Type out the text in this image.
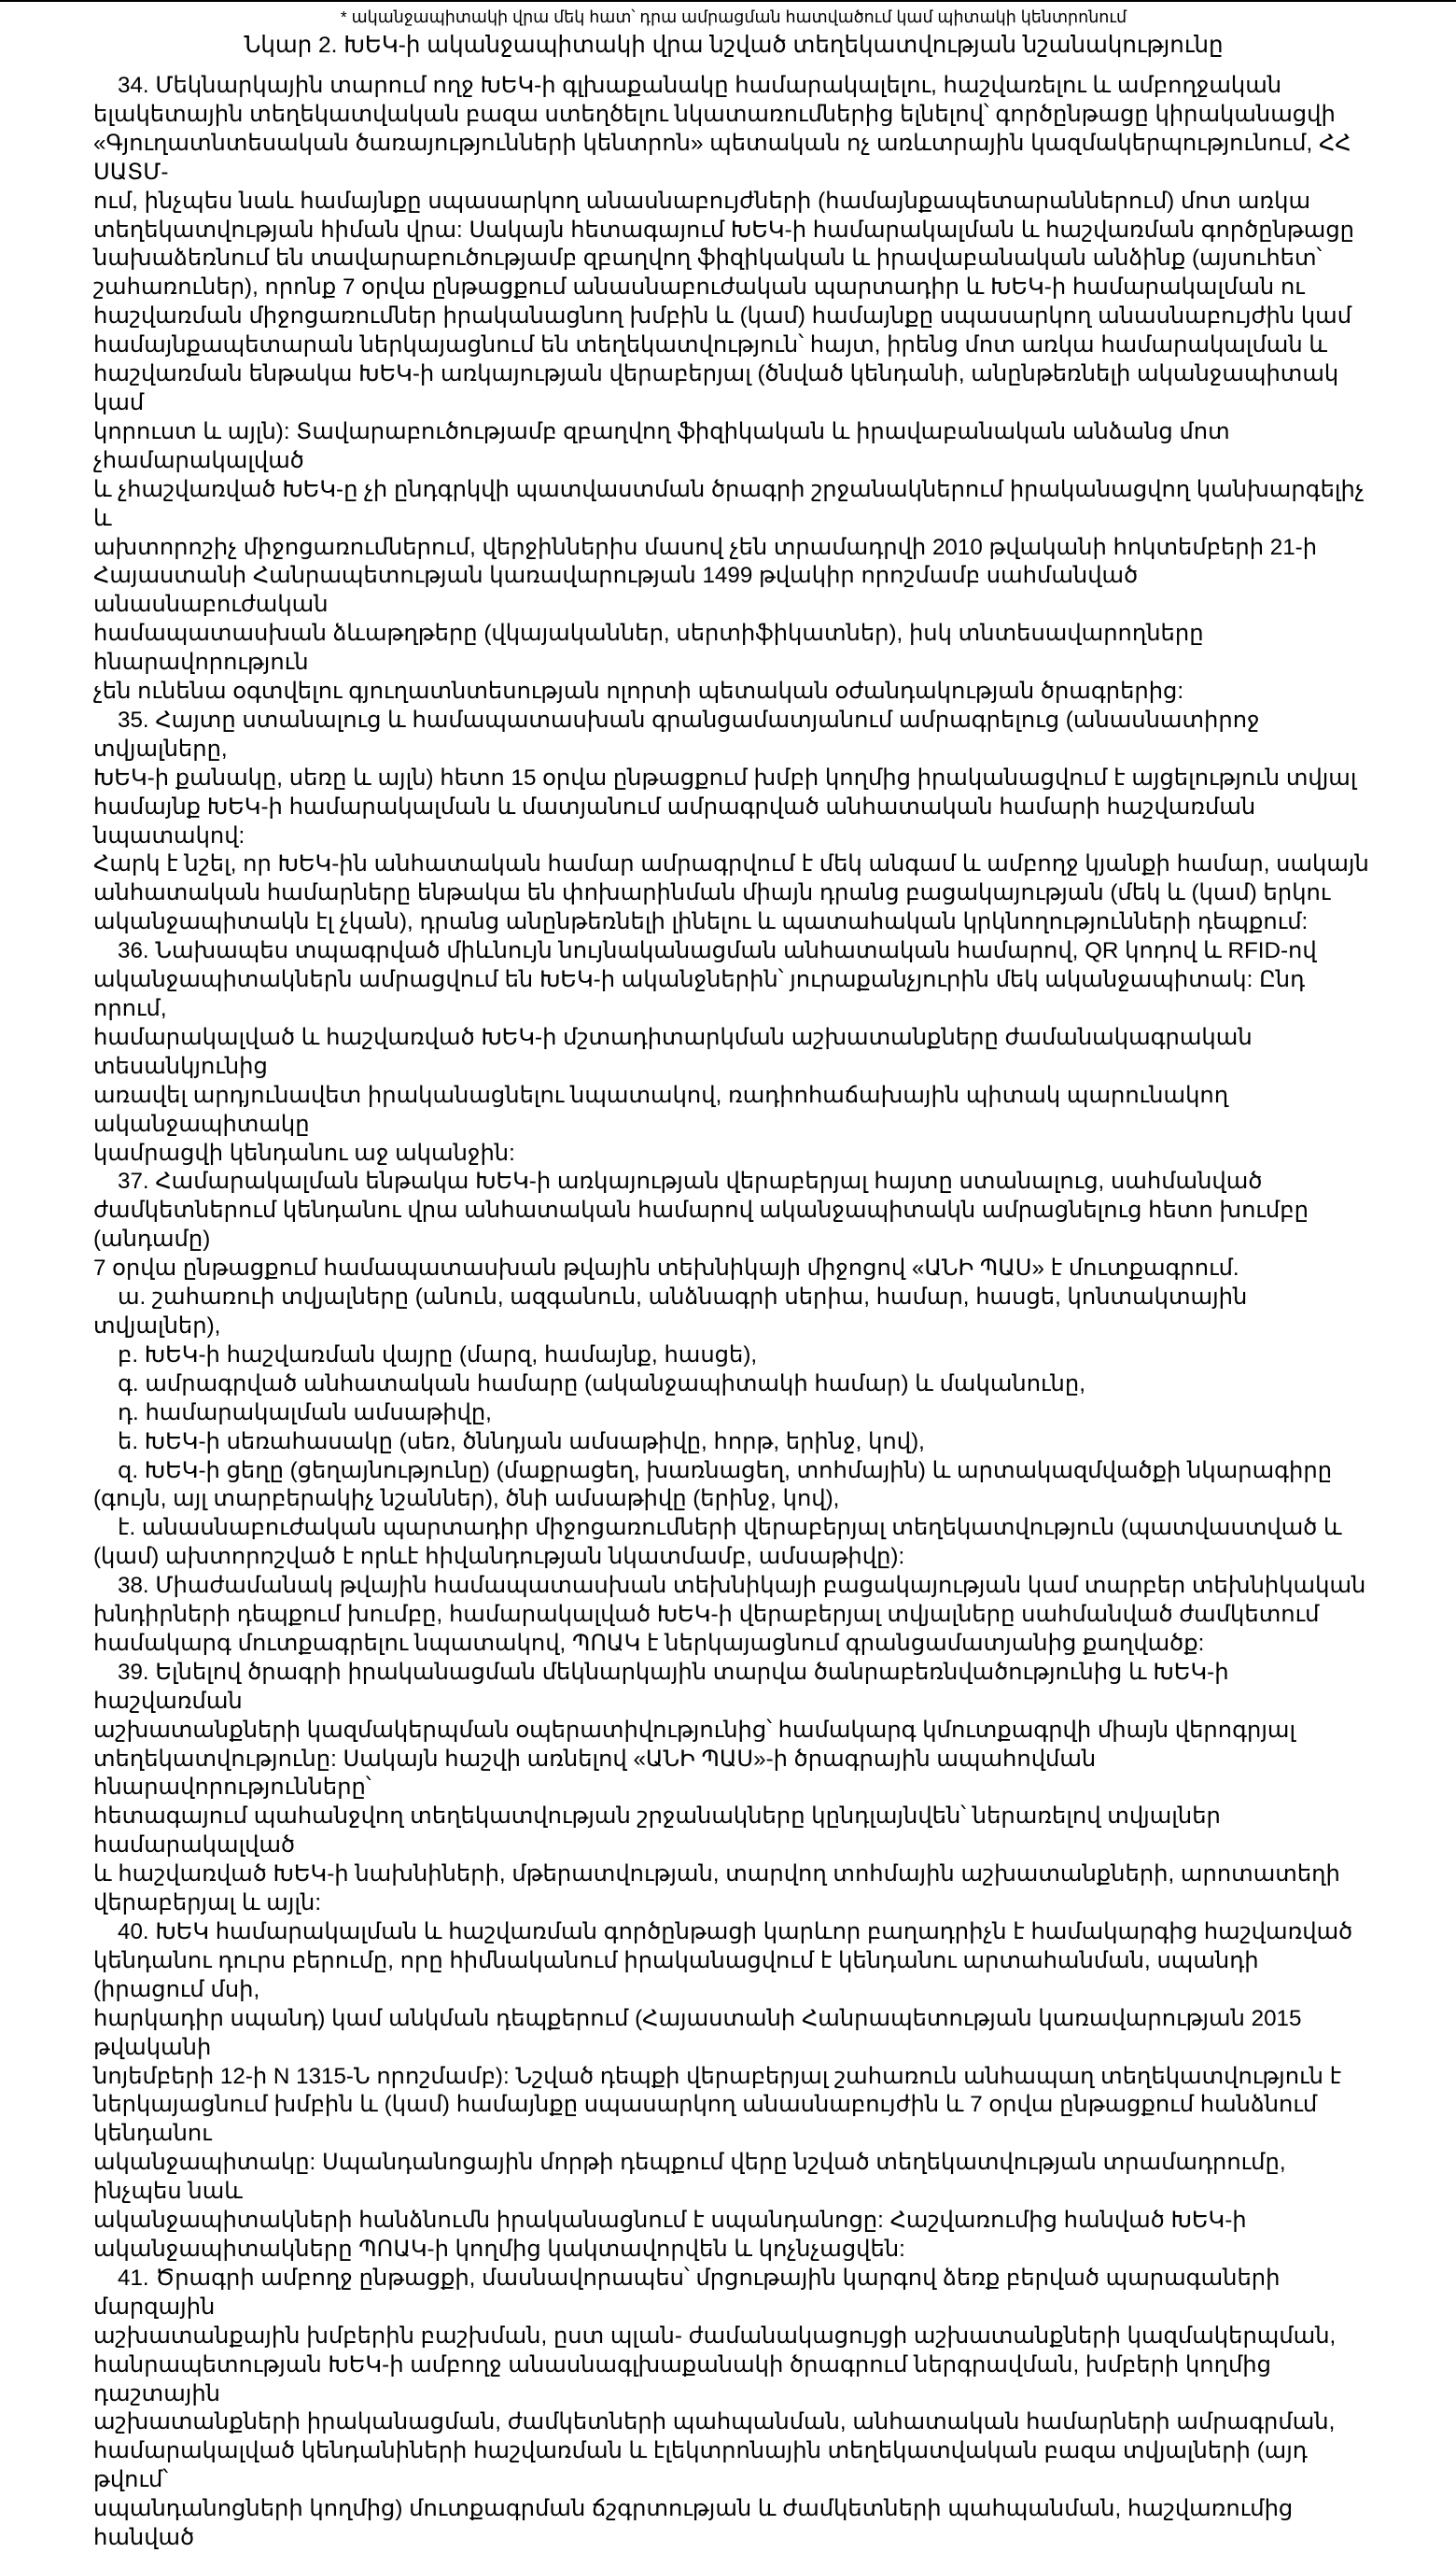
* ականջապիտակի վրա մեկ հատ՝ դրա ամրացման հատվածում կամ պիտակի կենտրոնում

Նկար 2. ԽԵԿ-ի ականջապիտակի վրա նշված տեղեկատվության նշանակությունը

34. Մեկնարկային տարում ողջ ԽԵԿ-ի գլխաքանակը համարակալելու, հաշվառելու և ամբողջական
ելակետային տեղեկատվական բազա ստեղծելու նկատառումներից ելնելով՝ գործընթացը կիրականացվի
«Գյուղատնտեսական ծառայությունների կենտրոն» պետական ոչ առևտրային կազմակերպությունում, ՀՀ ՍԱՏՄ-
ում, ինչպես նաև համայնքը սպասարկող անասնաբույժների (համայնքապետարաններում) մոտ առկա
տեղեկատվության հիման վրա: Սակայն հետագայում ԽԵԿ-ի համարակալման և հաշվառման գործընթացը
նախաձեռնում են տավարաբուծությամբ զբաղվող ֆիզիկական և իրավաբանական անձինք (այսուհետ՝
շահառուներ), որոնք 7 օրվա ընթացքում անասնաբուժական պարտադիր և ԽԵԿ-ի համարակալման ու
հաշվառման միջոցառումներ իրականացնող խմբին և (կամ) համայնքը սպասարկող անասնաբույժին կամ
համայնքապետարան ներկայացնում են տեղեկատվություն՝ հայտ, իրենց մոտ առկա համարակալման և
հաշվառման ենթակա ԽԵԿ-ի առկայության վերաբերյալ (ծնված կենդանի, անընթեռնելի ականջապիտակ կամ
կորուստ և այլն): Տավարաբուծությամբ զբաղվող ֆիզիկական և իրավաբանական անձանց մոտ չհամարակալված
և չհաշվառված ԽԵԿ-ը չի ընդգրկվի պատվաստման ծրագրի շրջանակներում իրականացվող կանխարգելիչ և
ախտորոշիչ միջոցառումներում, վերջիններիս մասով չեն տրամադրվի 2010 թվականի հոկտեմբերի 21-ի
Հայաստանի Հանրապետության կառավարության 1499 թվակիր որոշմամբ սահմանված անասնաբուժական
համապատասխան ձևաթղթերը (վկայականներ, սերտիֆիկատներ), իսկ տնտեսավարողները հնարավորություն
չեն ունենա օգտվելու գյուղատնտեսության ոլորտի պետական օժանդակության ծրագրերից:

35. Հայտը ստանալուց և համապատասխան գրանցամատյանում ամրագրելուց (անասնատիրոջ տվյալները,
ԽԵԿ-ի քանակը, սեռը և այլն) հետո 15 օրվա ընթացքում խմբի կողմից իրականացվում է այցելություն տվյալ
համայնք ԽԵԿ-ի համարակալման և մատյանում ամրագրված անհատական համարի հաշվառման նպատակով:
Հարկ է նշել, որ ԽԵԿ-ին անհատական համար ամրագրվում է մեկ անգամ և ամբողջ կյանքի համար, սակայն
անհատական համարները ենթակա են փոխարինման միայն դրանց բացակայության (մեկ և (կամ) երկու
ականջապիտակն էլ չկան), դրանց անընթեռնելի լինելու և պատահական կրկնողությունների դեպքում:

36. Նախապես տպագրված միևնույն նույնականացման անհատական համարով, QR կոդով և RFID-ով
ականջապիտակներն ամրացվում են ԽԵԿ-ի ականջներին՝ յուրաքանչյուրին մեկ ականջապիտակ: Ընդ որում,
համարակալված և հաշվառված ԽԵԿ-ի մշտադիտարկման աշխատանքները ժամանակագրական տեսանկյունից
առավել արդյունավետ իրականացնելու նպատակով, ռադիոհաճախային պիտակ պարունակող ականջապիտակը
կամրացվի կենդանու աջ ականջին:

37. Համարակալման ենթակա ԽԵԿ-ի առկայության վերաբերյալ հայտը ստանալուց, սահմանված
ժամկետներում կենդանու վրա անհատական համարով ականջապիտակն ամրացնելուց հետո խումբը (անդամը)
7 օրվա ընթացքում համապատասխան թվային տեխնիկայի միջոցով «ԱՆԻ ՊԱՍ» է մուտքագրում.

ա. շահառուի տվյալները (անուն, ազգանուն, անձնագրի սերիա, համար, հասցե, կոնտակտային տվյալներ),

բ. ԽԵԿ-ի հաշվառման վայրը (մարզ, համայնք, հասցե),

գ. ամրագրված անհատական համարը (ականջապիտակի համար) և մականունը,

դ. համարակալման ամսաթիվը,

ե. ԽԵԿ-ի սեռահասակը (սեռ, ծննդյան ամսաթիվը, հորթ, երինջ, կով),

զ. ԽԵԿ-ի ցեղը (ցեղայնությունը) (մաքրացեղ, խառնացեղ, տոհմային) և արտակազմվածքի նկարագիրը
(գույն, այլ տարբերակիչ նշաններ), ծնի ամսաթիվը (երինջ, կով),

է. անասնաբուժական պարտադիր միջոցառումների վերաբերյալ տեղեկատվություն (պատվաստված և
(կամ) ախտորոշված է որևէ հիվանդության նկատմամբ, ամսաթիվը):

38. Միաժամանակ թվային համապատասխան տեխնիկայի բացակայության կամ տարբեր տեխնիկական
խնդիրների դեպքում խումբը, համարակալված ԽԵԿ-ի վերաբերյալ տվյալները սահմանված ժամկետում
համակարգ մուտքագրելու նպատակով, ՊՈԱԿ է ներկայացնում գրանցամատյանից քաղվածք:

39. Ելնելով ծրագրի իրականացման մեկնարկային տարվա ծանրաբեռնվածությունից և ԽԵԿ-ի հաշվառման
աշխատանքների կազմակերպման օպերատիվությունից՝ համակարգ կմուտքագրվի միայն վերոգրյալ
տեղեկատվությունը: Սակայն հաշվի առնելով «ԱՆԻ ՊԱՍ»-ի ծրագրային ապահովման հնարավորությունները՝
հետագայում պահանջվող տեղեկատվության շրջանակները կընդլայնվեն՝ ներառելով տվյալներ համարակալված
և հաշվառված ԽԵԿ-ի նախնիների, մթերատվության, տարվող տոհմային աշխատանքների, արոտատեղի
վերաբերյալ և այլն:

40. ԽԵԿ համարակալման և հաշվառման գործընթացի կարևոր բաղադրիչն է համակարգից հաշվառված
կենդանու դուրս բերումը, որը հիմնականում իրականացվում է կենդանու արտահանման, սպանդի (իրացում մսի,
հարկադիր սպանդ) կամ անկման դեպքերում (Հայաստանի Հանրապետության կառավարության 2015 թվականի
նոյեմբերի 12-ի N 1315-Ն որոշմամբ): Նշված դեպքի վերաբերյալ շահառուն անհապաղ տեղեկատվություն է
ներկայացնում խմբին և (կամ) համայնքը սպասարկող անասնաբույժին և 7 օրվա ընթացքում հանձնում կենդանու
ականջապիտակը: Սպանդանոցային մորթի դեպքում վերը նշված տեղեկատվության տրամադրումը, ինչպես նաև
ականջապիտակների հանձնումն իրականացնում է սպանդանոցը: Հաշվառումից հանված ԽԵԿ-ի
ականջապիտակները ՊՈԱԿ-ի կողմից կակտավորվեն և կոչնչացվեն:

41. Ծրագրի ամբողջ ընթացքի, մասնավորապես՝ մրցութային կարգով ձեռք բերված պարագաների մարզային
աշխատանքային խմբերին բաշխման, ըստ պլան- ժամանակացույցի աշխատանքների կազմակերպման,
հանրապետության ԽԵԿ-ի ամբողջ անասնագլխաքանակի ծրագրում ներգրավման, խմբերի կողմից դաշտային
աշխատանքների իրականացման, ժամկետների պահպանման, անհատական համարների ամրագրման,
համարակալված կենդանիների հաշվառման և էլեկտրոնային տեղեկատվական բազա տվյալների (այդ թվում՝
սպանդանոցների կողմից) մուտքագրման ճշգրտության և ժամկետների պահպանման, հաշվառումից հանված
